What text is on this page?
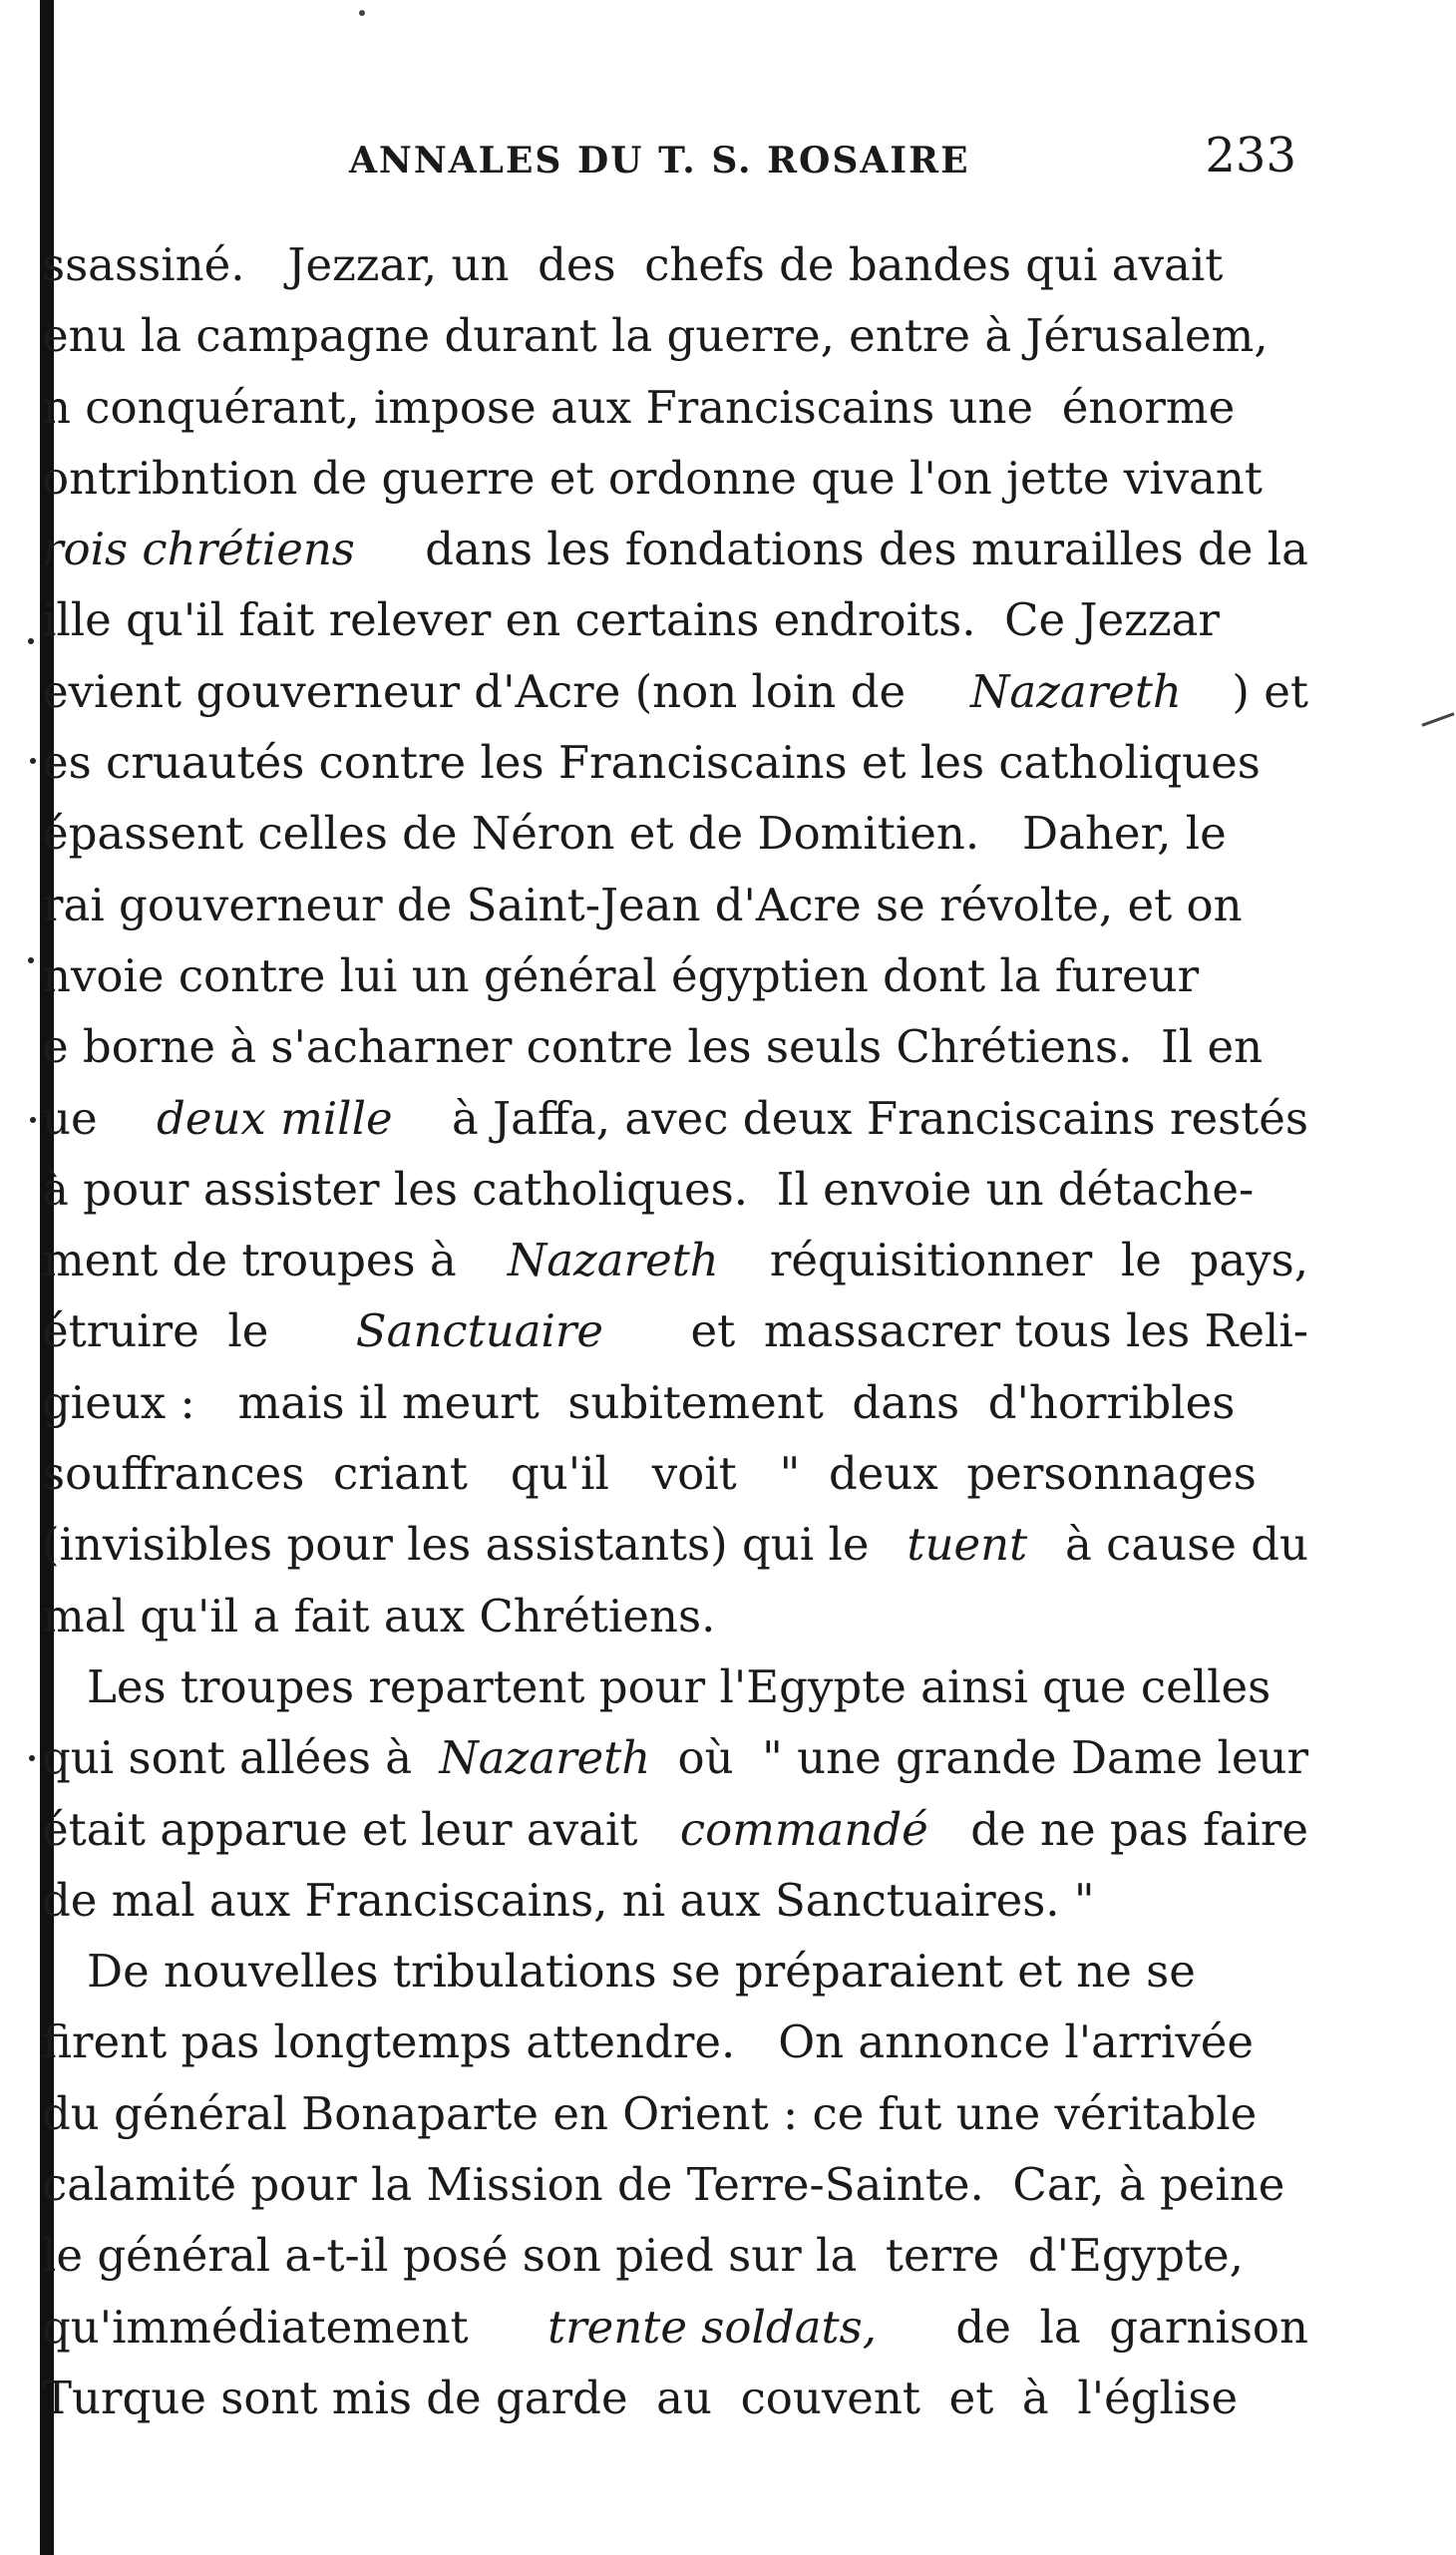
ANNALES DU T. S. ROSAIRE	233
ssassiné.   Jezzar, un  des  chefs de bandes qui avait
enu la campagne durant la guerre, entre à Jérusalem,
n conquérant, impose aux Franciscains une  énorme
ontribntion de guerre et ordonne que l'on jette vivant
rois chrétiens dans les fondations des murailles de la
ille qu'il fait relever en certains endroits.  Ce Jezzar
evient gouverneur d'Acre (non loin de Nazareth ) et
es cruautés contre les Franciscains et les catholiques
épassent celles de Néron et de Domitien.   Daher, le
rai gouverneur de Saint-Jean d'Acre se révolte, et on
nvoie contre lui un général égyptien dont la fureur
e borne à s'acharner contre les seuls Chrétiens.  Il en
ue deux mille à Jaffa, avec deux Franciscains restés
à pour assister les catholiques.  Il envoie un détache-
ment de troupes à Nazareth réquisitionner  le  pays,
étruire  le Sanctuaire et  massacrer tous les Reli-
gieux :   mais il meurt  subitement  dans  d'horribles
souffrances  criant   qu'il   voit   "  deux  personnages
(invisibles pour les assistants) qui le tuent à cause du
mal qu'il a fait aux Chrétiens.
Les troupes repartent pour l'Egypte ainsi que celles
qui sont allées à Nazareth où  " une grande Dame leur
était apparue et leur avait commandé de ne pas faire
de mal aux Franciscains, ni aux Sanctuaires. "
De nouvelles tribulations se préparaient et ne se
firent pas longtemps attendre.   On annonce l'arrivée
du général Bonaparte en Orient : ce fut une véritable
calamité pour la Mission de Terre-Sainte.  Car, à peine
le général a-t-il posé son pied sur la  terre  d'Egypte,
qu'immédiatement trente soldats, de  la  garnison
Turque sont mis de garde  au  couvent  et  à  l'église
